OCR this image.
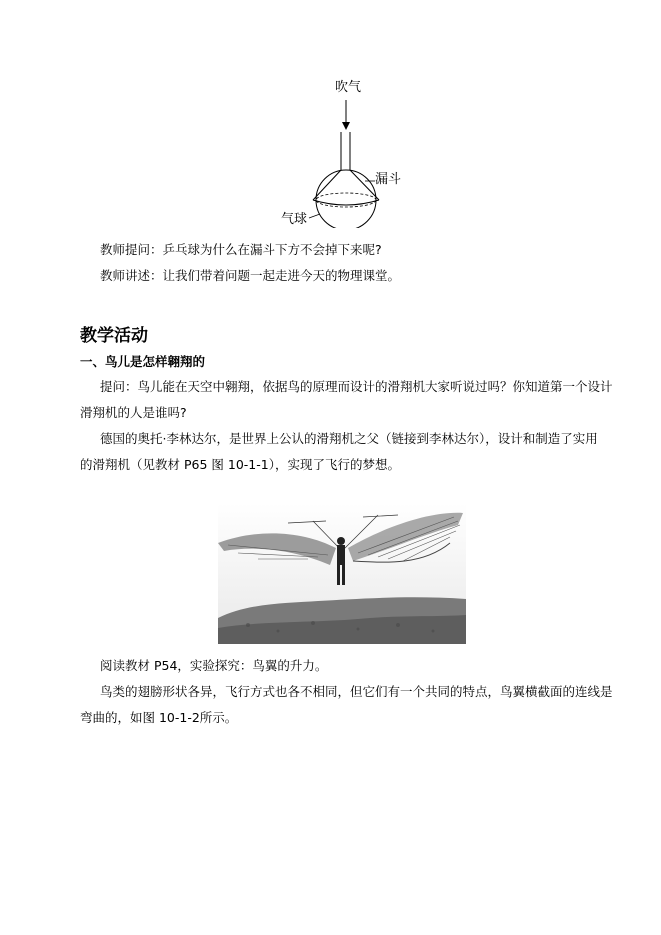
吹气
漏斗
气球
教师提问：乒乓球为什么在漏斗下方不会掉下来呢?
教师讲述：让我们带着问题一起走进今天的物理课堂。
教学活动
一、鸟儿是怎样翱翔的
提问：鸟儿能在天空中翱翔，依据鸟的原理而设计的滑翔机大家听说过吗？你知道第一个设计
滑翔机的人是谁吗?
德国的奥托·李林达尔，是世界上公认的滑翔机之父（链接到李林达尔），设计和制造了实用
的滑翔机（见教材 P65 图 10-1-1），实现了飞行的梦想。
阅读教材 P54，实验探究：鸟翼的升力。
鸟类的翅膀形状各异，飞行方式也各不相同，但它们有一个共同的特点，鸟翼横截面的连线是
弯曲的，如图 10-1-2所示。
